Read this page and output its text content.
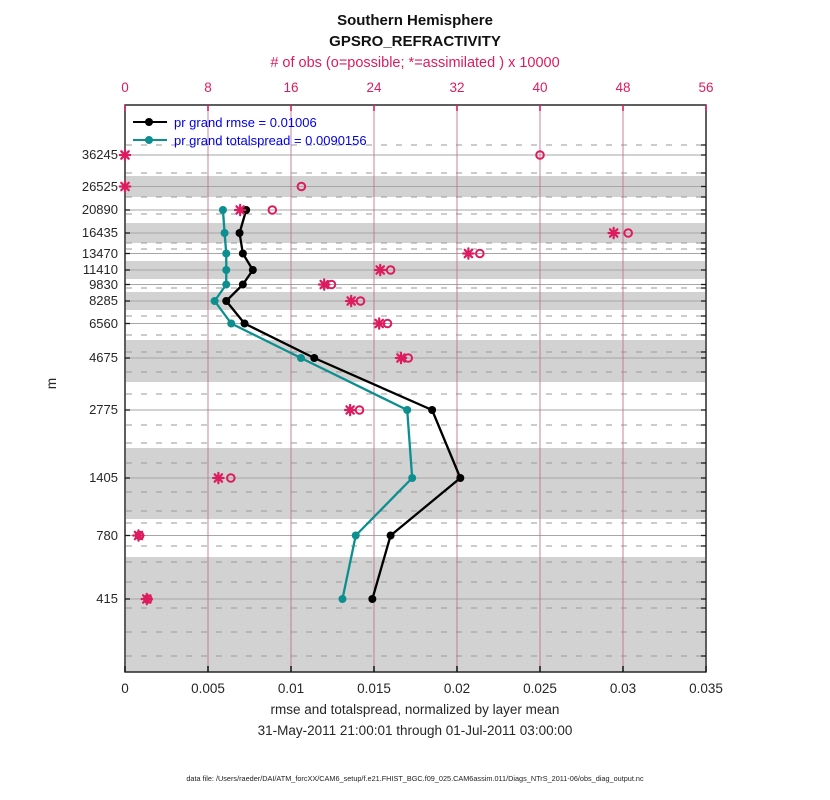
Southern Hemisphere
GPSRO_REFRACTIVITY
# of obs (o=possible; *=assimilated ) x 10000
0	8	16	24	32	40	48	56
36245
26525
20890
16435
13470
11410
9830
8285
6560
4675
2775
1405
780
415
0	0.005	0.01	0.015	0.02	0.025	0.03	0.035
m
rmse and totalspread, normalized by layer mean
31-May-2011 21:00:01 through 01-Jul-2011 03:00:00
pr grand rmse = 0.01006
pr grand totalspread = 0.0090156
data file: /Users/raeder/DAI/ATM_forcXX/CAM6_setup/f.e21.FHIST_BGC.f09_025.CAM6assim.011/Diags_NTrS_2011-06/obs_diag_output.nc
